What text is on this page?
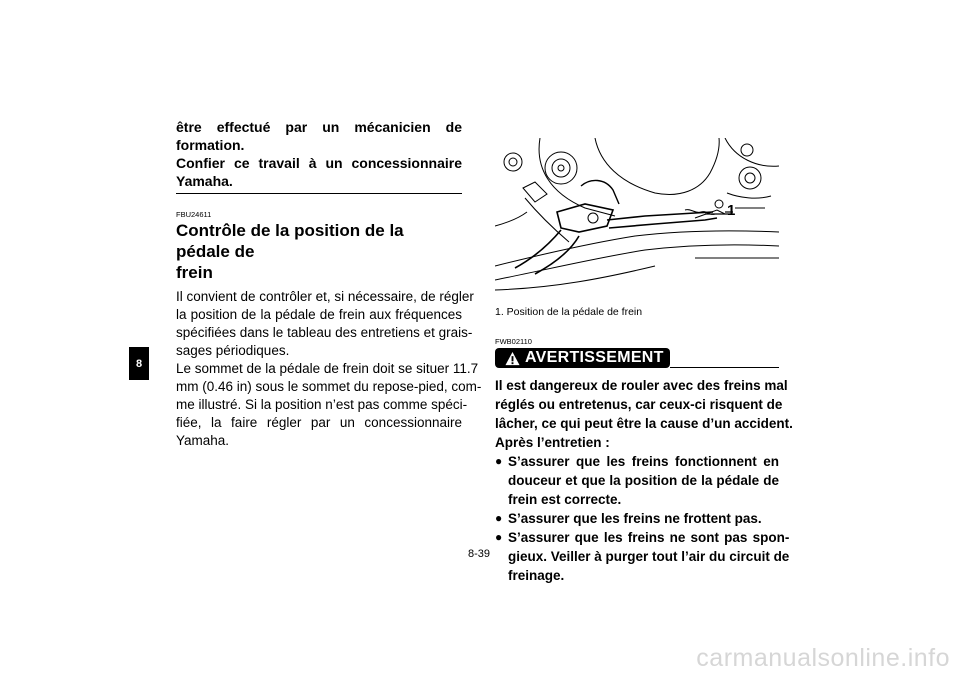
8
être effectué par un mécanicien de formation.
Confier ce travail à un concessionnaire
Yamaha.
FBU24611
Contrôle de la position de la pédale de
frein
Il convient de contrôler et, si nécessaire, de régler
la position de la pédale de frein aux fréquences
spécifiées dans le tableau des entretiens et grais-
sages périodiques.
Le sommet de la pédale de frein doit se situer 11.7
mm (0.46 in) sous le sommet du repose-pied, com-
me illustré. Si la position n’est pas comme spéci-
fiée, la faire régler par un concessionnaire
Yamaha.
1
1. Position de la pédale de frein
FWB02110
AVERTISSEMENT
Il est dangereux de rouler avec des freins mal
réglés ou entretenus, car ceux-ci risquent de
lâcher, ce qui peut être la cause d’un accident.
Après l’entretien :
● S’assurer que les freins fonctionnent en
douceur et que la position de la pédale de
frein est correcte.
● S’assurer que les freins ne frottent pas.
● S’assurer que les freins ne sont pas spon-
gieux. Veiller à purger tout l’air du circuit de
freinage.
8-39
carmanualsonline.info
